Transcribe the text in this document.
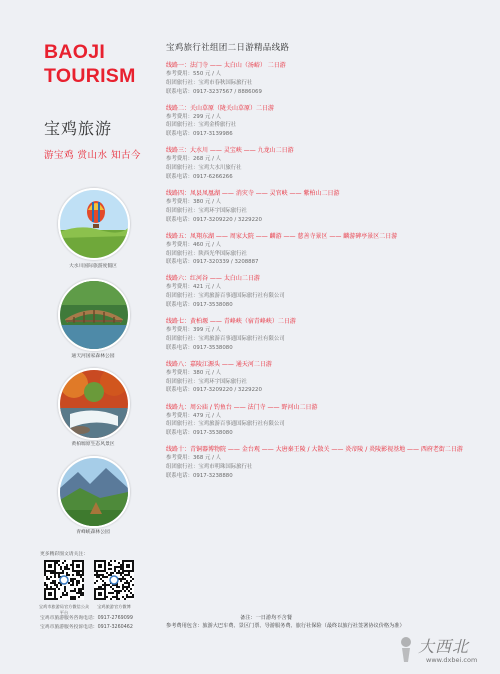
BAOJI
TOURISM
宝鸡旅游
游宝鸡 赏山水 知古今
大水川国际旅游度假区
通天河国家森林公园
黄柏塬原生态风景区
青峰峡森林公园
更多精彩图文请关注：
宝鸡市旅游局官方微信公众平台
宝鸡旅游官方微博
宝鸡市旅游服务咨询电话：0917-2769099
宝鸡市旅游服务投诉电话：0917-3260462
宝鸡旅行社组团二日游精品线路
线路一：法门寺 —— 太白山（汤峪） 二日游
参考费用：550 元 / 人
组团旅行社：宝鸡市春秋国际旅行社
联系电话：0917-3237567 / 8886069
线路二：关山草原（陇关山草原）二日游
参考费用：299 元 / 人
组团旅行社：宝鸡金桥旅行社
联系电话：0917-3139986
线路三：大水川 —— 灵宝峡 —— 九龙山二日游
参考费用：268 元 / 人
组团旅行社：宝鸡大水川旅行社
联系电话：0917-6266266
线路四：凤县凤凰湖 —— 消灾寺 —— 灵官峡 —— 紫柏山二日游
参考费用：380 元 / 人
组团旅行社：宝鸡环宇国际旅行社
联系电话：0917-3209220 / 3229220
线路五：凤翔东湖 —— 周家大院 —— 麟游 —— 慈善寺景区 —— 麟游碑亭景区二日游
参考费用：460 元 / 人
组团旅行社：陕西光华国际旅行社
联系电话：0917-320339 / 3208887
线路六：红河谷 —— 太白山二日游
参考费用：421 元 / 人
组团旅行社：宝鸡旅游百事通国际旅行社有限公司
联系电话：0917-3538080
线路七：黄柏塬 —— 青峰峡（宿青峰峡）二日游
参考费用：399 元 / 人
组团旅行社：宝鸡旅游百事通国际旅行社有限公司
联系电话：0917-3538080
线路八：嘉陵江源头 —— 通天河二日游
参考费用：380 元 / 人
组团旅行社：宝鸡环宇国际旅行社
联系电话：0917-3209220 / 3229220
线路九：周公庙 / 钓鱼台 —— 法门寺 —— 野河山二日游
参考费用：479 元 / 人
组团旅行社：宝鸡旅游百事通国际旅行社有限公司
联系电话：0917-3538080
线路十：青铜器博物院 —— 金台观 —— 大唐秦王陵 / 大散关 —— 炎帝陵 / 炎陵影视基地 —— 西府老街二日游
参考费用：368 元 / 人
组团旅行社：宝鸡市明珠国际旅行社
联系电话：0917-3238880
备注：一日游均不含餐
参考费用包含：旅游大巴车费、景区门票、导游服务费、旅行社保险（最终以旅行社签署协议价格为准）
大西北
www.dxbei.com
